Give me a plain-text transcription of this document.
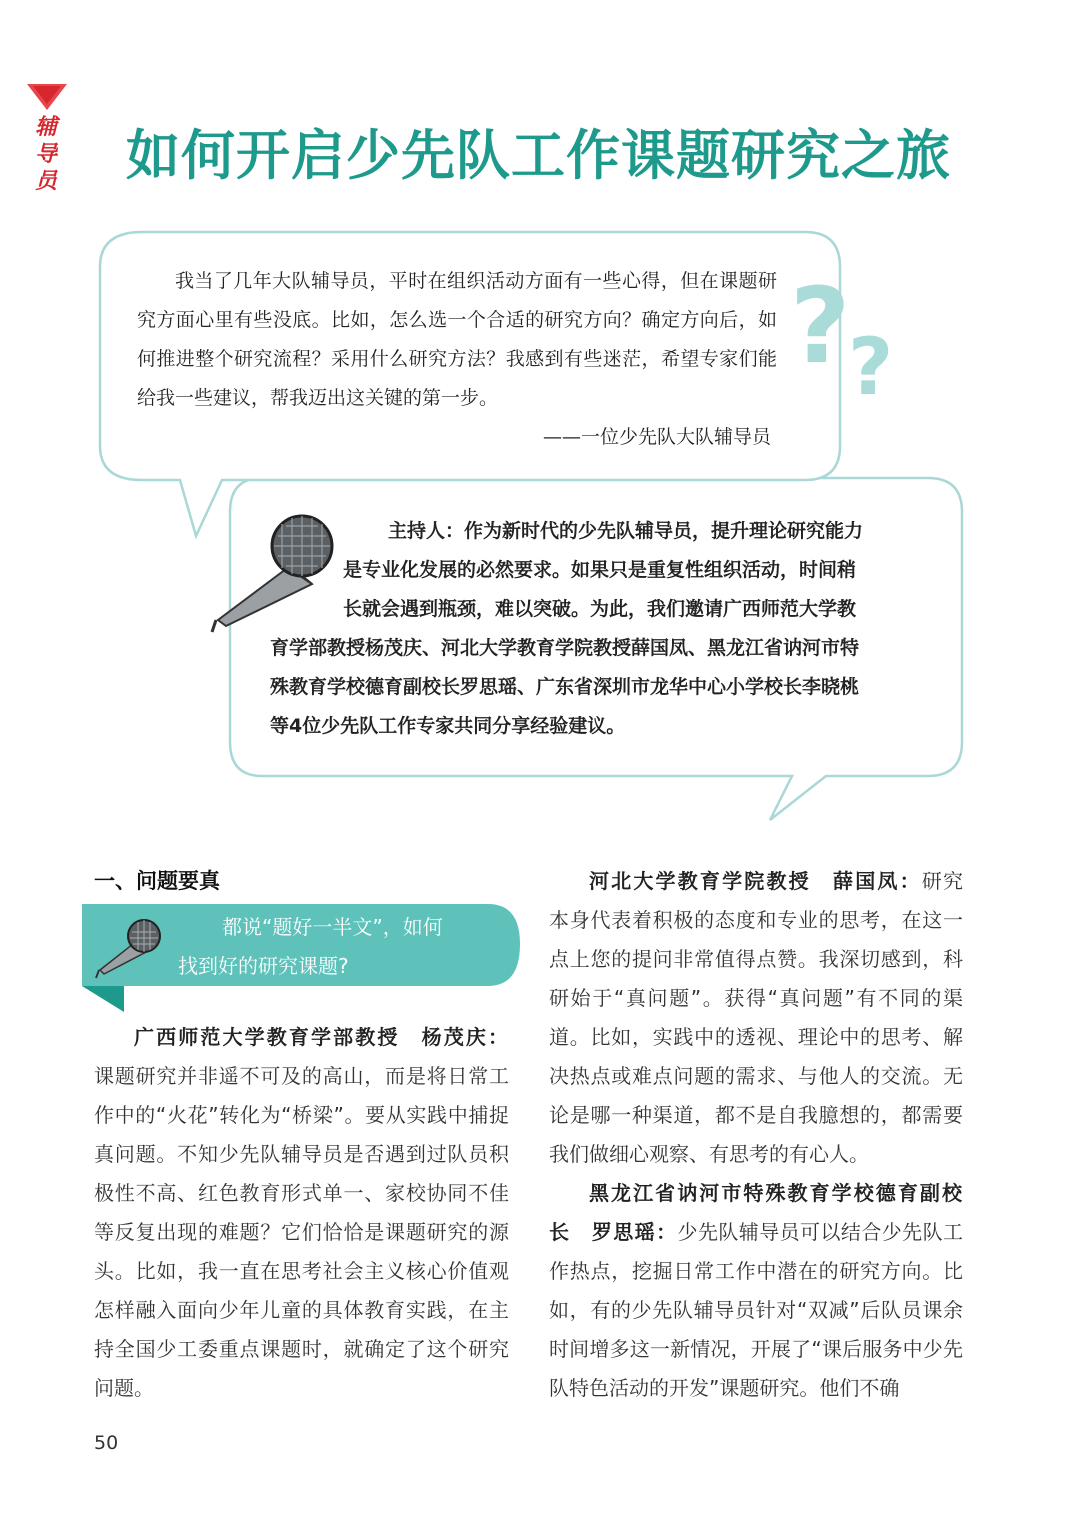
辅导员 如何开启少先队工作课题研究之旅
?
?
我当了几年大队辅导员，平时在组织活动方面有一些心得，但在课题研究方面心里有些没底。比如，怎么选一个合适的研究方向？确定方向后，如何推进整个研究流程？采用什么研究方法？我感到有些迷茫，希望专家们能给我一些建议，帮我迈出这关键的第一步。
——一位少先队大队辅导员
主持人：作为新时代的少先队辅导员，提升理论研究能力
是专业化发展的必然要求。如果只是重复性组织活动，时间稍
长就会遇到瓶颈，难以突破。为此，我们邀请广西师范大学教
育学部教授杨茂庆、河北大学教育学院教授薛国凤、黑龙江省讷河市特
殊教育学校德育副校长罗思瑶、广东省深圳市龙华中心小学校长李晓桃
等4位少先队工作专家共同分享经验建议。
一、问题要真
都说“题好一半文”，如何
找到好的研究课题?

广西师范大学教育学部教授　杨茂庆：课题研究并非遥不可及的高山，而是将日常工作中的“火花”转化为“桥梁”。要从实践中捕捉真问题。不知少先队辅导员是否遇到过队员积极性不高、红色教育形式单一、家校协同不佳等反复出现的难题？它们恰恰是课题研究的源头。比如，我一直在思考社会主义核心价值观怎样融入面向少年儿童的具体教育实践，在主持全国少工委重点课题时，就确定了这个研究问题。

河北大学教育学院教授　薛国凤：研究本身代表着积极的态度和专业的思考，在这一点上您的提问非常值得点赞。我深切感到，科研始于“真问题”。获得“真问题”有不同的渠道。比如，实践中的透视、理论中的思考、解决热点或难点问题的需求、与他人的交流。无论是哪一种渠道，都不是自我臆想的，都需要我们做细心观察、有思考的有心人。

黑龙江省讷河市特殊教育学校德育副校长　罗思瑶：少先队辅导员可以结合少先队工作热点，挖掘日常工作中潜在的研究方向。比如，有的少先队辅导员针对“双减”后队员课余时间增多这一新情况，开展了“课后服务中少先队特色活动的开发”课题研究。他们不确

50
